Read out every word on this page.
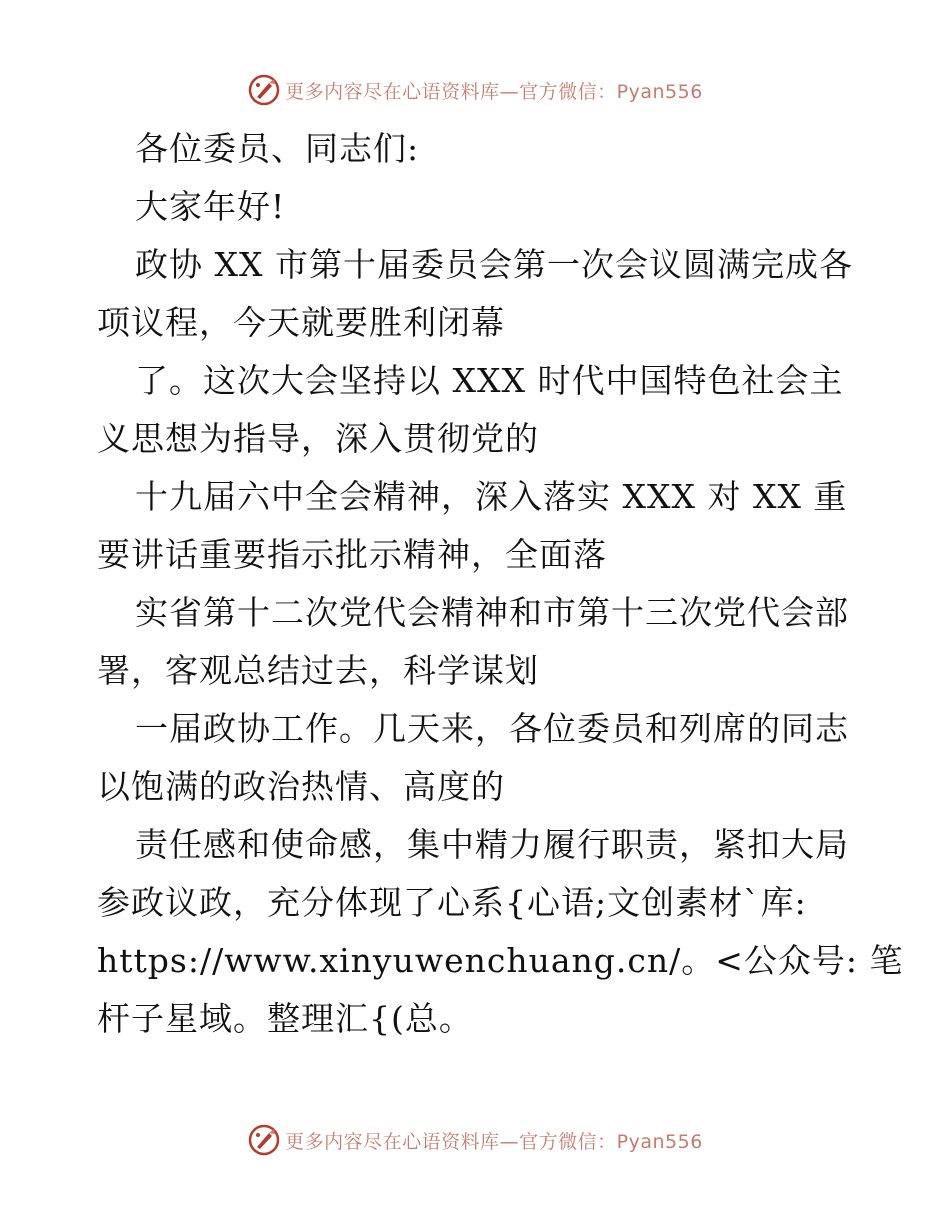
更多内容尽在心语资料库—官方微信：Pyan556
各位委员、同志们:
大家年好!
政协 XX 市第十届委员会第一次会议圆满完成各
项议程，今天就要胜利闭幕
了。这次大会坚持以 XXX 时代中国特色社会主
义思想为指导，深入贯彻党的
十九届六中全会精神，深入落实 XXX 对 XX 重
要讲话重要指示批示精神，全面落
实省第十二次党代会精神和市第十三次党代会部
署，客观总结过去，科学谋划
一届政协工作。几天来，各位委员和列席的同志
以饱满的政治热情、高度的
责任感和使命感，集中精力履行职责，紧扣大局
参政议政，充分体现了心系{心语;文创素材`库:
https://www.xinyuwenchuang.cn/。<公众号: 笔
杆子星域。整理汇{(总。
更多内容尽在心语资料库—官方微信：Pyan556
